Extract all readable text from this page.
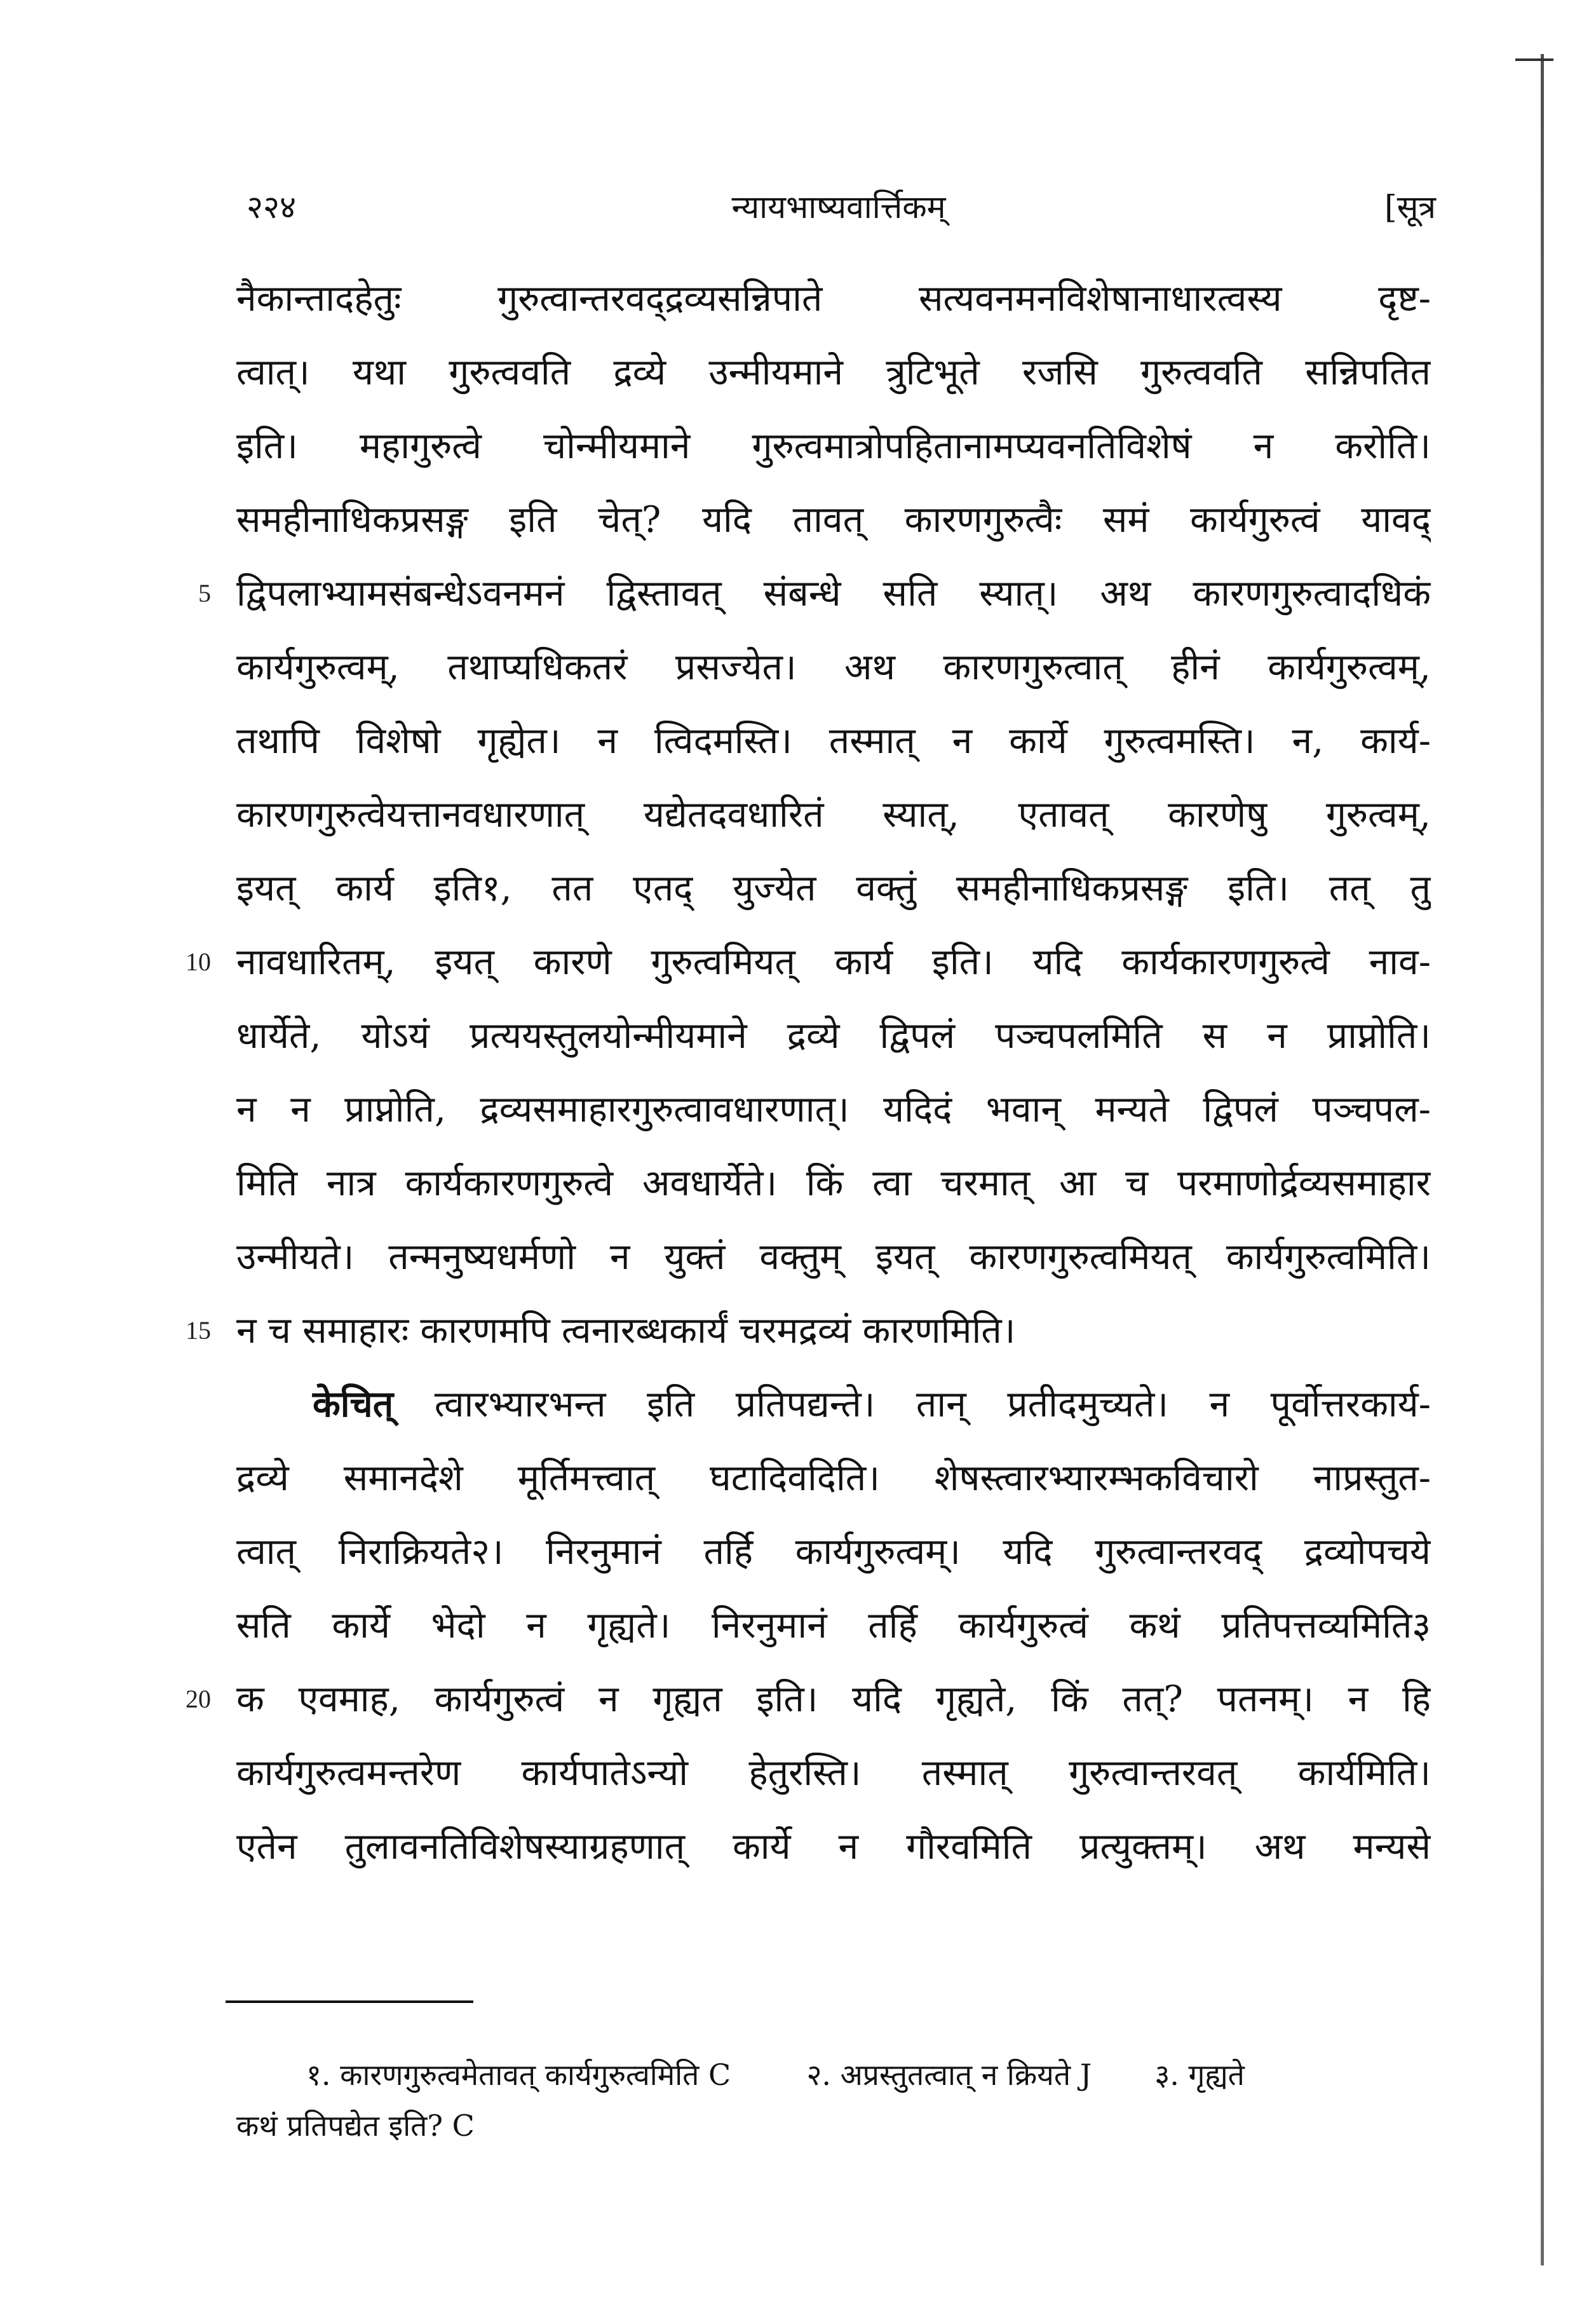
२२४	न्यायभाष्यवार्त्तिकम्	[सूत्र
नैकान्तादहेतुः गुरुत्वान्तरवद्द्रव्यसन्निपाते सत्यवनमनविशेषानाधारत्वस्य दृष्ट-
त्वात्। यथा गुरुत्ववति द्रव्ये उन्मीयमाने त्रुटिभूते रजसि गुरुत्ववति सन्निपतित
इति। महागुरुत्वे चोन्मीयमाने गुरुत्वमात्रोपहितानामप्यवनतिविशेषं न करोति।
समहीनाधिकप्रसङ्ग इति चेत्? यदि तावत् कारणगुरुत्वैः समं कार्यगुरुत्वं यावद्
5 द्विपलाभ्यामसंबन्धेऽवनमनं द्विस्तावत् संबन्धे सति स्यात्। अथ कारणगुरुत्वादधिकं
कार्यगुरुत्वम्, तथाप्यधिकतरं प्रसज्येत। अथ कारणगुरुत्वात् हीनं कार्यगुरुत्वम्,
तथापि विशेषो गृह्येत। न त्विदमस्ति। तस्मात् न कार्ये गुरुत्वमस्ति। न, कार्य-
कारणगुरुत्वेयत्तानवधारणात् यद्येतदवधारितं स्यात्, एतावत् कारणेषु गुरुत्वम्,
इयत् कार्य इति१, तत एतद् युज्येत वक्तुं समहीनाधिकप्रसङ्ग इति। तत् तु
10 नावधारितम्, इयत् कारणे गुरुत्वमियत् कार्य इति। यदि कार्यकारणगुरुत्वे नाव-
धार्येते, योऽयं प्रत्ययस्तुलयोन्मीयमाने द्रव्ये द्विपलं पञ्चपलमिति स न प्राप्नोति।
न न प्राप्नोति, द्रव्यसमाहारगुरुत्वावधारणात्। यदिदं भवान् मन्यते द्विपलं पञ्चपल-
मिति नात्र कार्यकारणगुरुत्वे अवधार्येते। किं त्वा चरमात् आ च परमाणोर्द्रव्यसमाहार
उन्मीयते। तन्मनुष्यधर्मणो न युक्तं वक्तुम् इयत् कारणगुरुत्वमियत् कार्यगुरुत्वमिति।
15 न च समाहारः कारणमपि त्वनारब्धकार्यं चरमद्रव्यं कारणमिति।
केचित् त्वारभ्यारभन्त इति प्रतिपद्यन्ते। तान् प्रतीदमुच्यते। न पूर्वोत्तरकार्य-
द्रव्ये समानदेशे मूर्तिमत्त्वात् घटादिवदिति। शेषस्त्वारभ्यारम्भकविचारो नाप्रस्तुत-
त्वात् निराक्रियते२। निरनुमानं तर्हि कार्यगुरुत्वम्। यदि गुरुत्वान्तरवद् द्रव्योपचये
सति कार्ये भेदो न गृह्यते। निरनुमानं तर्हि कार्यगुरुत्वं कथं प्रतिपत्तव्यमिति३
20 क एवमाह, कार्यगुरुत्वं न गृह्यत इति। यदि गृह्यते, किं तत्? पतनम्। न हि
कार्यगुरुत्वमन्तरेण कार्यपातेऽन्यो हेतुरस्ति। तस्मात् गुरुत्वान्तरवत् कार्यमिति।
एतेन तुलावनतिविशेषस्याग्रहणात् कार्ये न गौरवमिति प्रत्युक्तम्। अथ मन्यसे
१. कारणगुरुत्वमेतावत् कार्यगुरुत्वमिति C	२. अप्रस्तुतत्वात् न क्रियते J ३. गृह्यते
कथं प्रतिपद्येत इति? C
